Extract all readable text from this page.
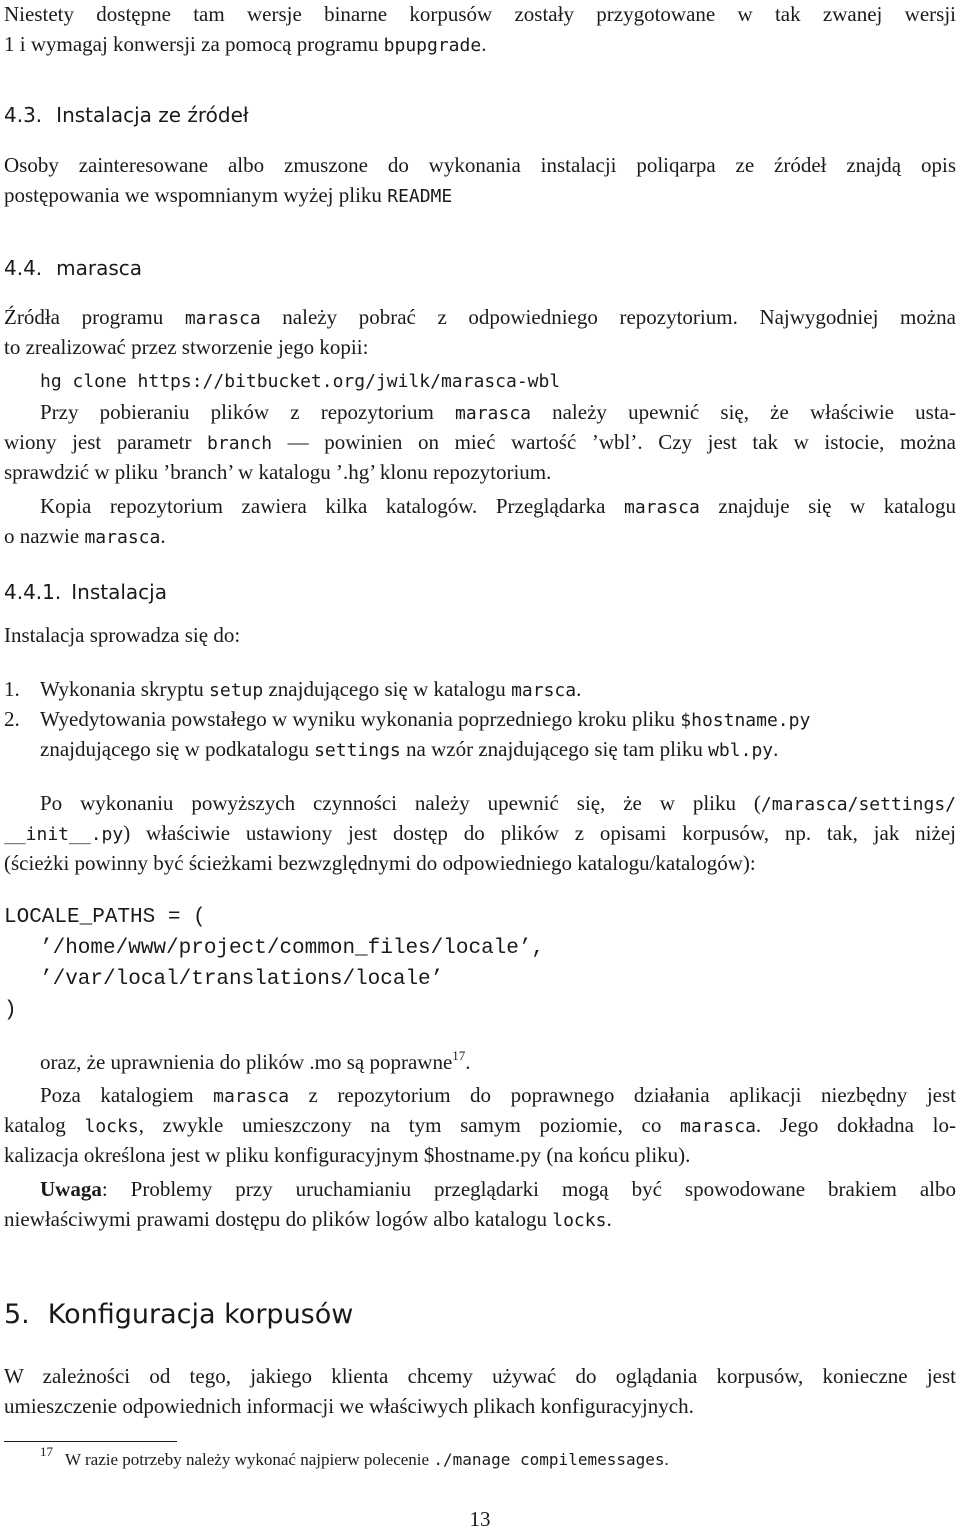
Niestety dostępne tam wersje binarne korpusów zostały przygotowane w tak zwanej wersji
1 i wymagaj konwersji za pomocą programu bpupgrade.
4.3. Instalacja ze źródeł
Osoby zainteresowane albo zmuszone do wykonania instalacji poliqarpa ze źródeł znajdą opis
postępowania we wspomnianym wyżej pliku README
4.4. marasca
Źródła programu marasca należy pobrać z odpowiedniego repozytorium. Najwygodniej można
to zrealizować przez stworzenie jego kopii:
hg clone https://bitbucket.org/jwilk/marasca-wbl
Przy pobieraniu plików z repozytorium marasca należy upewnić się, że właściwie usta-
wiony jest parametr branch — powinien on mieć wartość ’wbl’. Czy jest tak w istocie, można
sprawdzić w pliku ’branch’ w katalogu ’.hg’ klonu repozytorium.
Kopia repozytorium zawiera kilka katalogów. Przeglądarka marasca znajduje się w katalogu
o nazwie marasca.
4.4.1. Instalacja
Instalacja sprowadza się do:
1. Wykonania skryptu setup znajdującego się w katalogu marsca.
2. Wyedytowania powstałego w wyniku wykonania poprzedniego kroku pliku $hostname.py
znajdującego się w podkatalogu settings na wzór znajdującego się tam pliku wbl.py.
Po wykonaniu powyższych czynności należy upewnić się, że w pliku (/marasca/settings/
__init__.py) właściwie ustawiony jest dostęp do plików z opisami korpusów, np. tak, jak niżej
(ścieżki powinny być ścieżkami bezwzględnymi do odpowiedniego katalogu/katalogów):
LOCALE_PATHS = (
’/home/www/project/common_files/locale’,
’/var/local/translations/locale’
)
oraz, że uprawnienia do plików .mo są poprawne$^{17}$.
Poza katalogiem marasca z repozytorium do poprawnego działania aplikacji niezbędny jest
katalog locks, zwykle umieszczony na tym samym poziomie, co marasca. Jego dokładna lo-
kalizacja określona jest w pliku konfiguracyjnym $hostname.py (na końcu pliku).
Uwaga: Problemy przy uruchamianiu przeglądarki mogą być spowodowane brakiem albo
niewłaściwymi prawami dostępu do plików logów albo katalogu locks.
5. Konfiguracja korpusów
W zależności od tego, jakiego klienta chcemy używać do oglądania korpusów, konieczne jest
umieszczenie odpowiednich informacji we właściwych plikach konfiguracyjnych.
$^{17}$ W razie potrzeby należy wykonać najpierw polecenie ./manage compilemessages.
13
